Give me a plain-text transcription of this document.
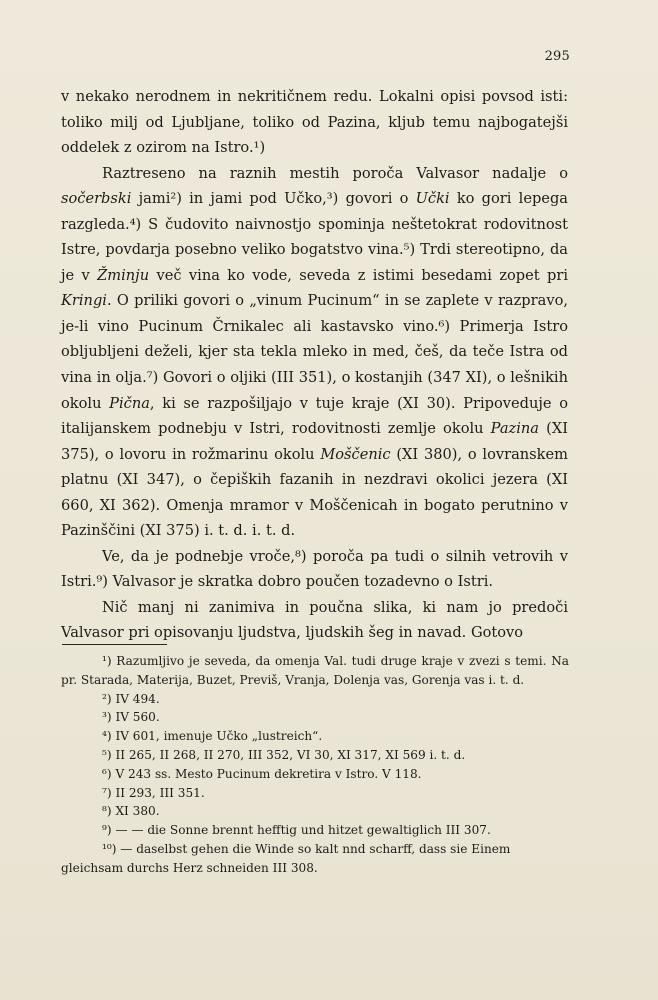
295

v nekako nerodnem in nekritičnem redu. Lokalni opisi povsod isti: toliko milj od Ljubljane, toliko od Pazina, kljub temu najbogatejši oddelek z ozirom na Istro.¹)

Raztreseno na raznih mestih poroča Valvasor nadalje o sočerbski jami²) in jami pod Učko,³) govori o Učki ko gori lepega razgleda.⁴) S čudovito naivnostjo spominja neštetokrat rodovitnost Istre, povdarja posebno veliko bogatstvo vina.⁵) Trdi stereotipno, da je v Žminju več vina ko vode, seveda z istimi besedami zopet pri Kringi. O priliki govori o „vinum Pucinum“ in se zaplete v razpravo, je-li vino Pucinum Črnikalec ali kastavsko vino.⁶) Primerja Istro obljubljeni deželi, kjer sta tekla mleko in med, češ, da teče Istra od vina in olja.⁷) Govori o oljiki (III 351), o kostanjih (347 XI), o lešnikih okolu Pična, ki se razpošiljajo v tuje kraje (XI 30). Pripoveduje o italijanskem podnebju v Istri, rodovitnosti zemlje okolu Pazina (XI 375), o lovoru in rožmarinu okolu Moščenic (XI 380), o lovranskem platnu (XI 347), o čepiških fazanih in nezdravi okolici jezera (XI 660, XI 362). Omenja mramor v Moščenicah in bogato perutnino v Pazinščini (XI 375) i. t. d. i. t. d.

Ve, da je podnebje vroče,⁸) poroča pa tudi o silnih vetrovih v Istri.⁹) Valvasor je skratka dobro poučen tozadevno o Istri.

Nič manj ni zanimiva in poučna slika, ki nam jo predoči Valvasor pri opisovanju ljudstva, ljudskih šeg in navad. Gotovo

¹) Razumljivo je seveda, da omenja Val. tudi druge kraje v zvezi s temi. Na pr. Starada, Materija, Buzet, Previš, Vranja, Dolenja vas, Gorenja vas i. t. d.

²) IV 494.

³) IV 560.

⁴) IV 601, imenuje Učko „lustreich“.

⁵) II 265, II 268, II 270, III 352, VI 30, XI 317, XI 569 i. t. d.

⁶) V 243 ss. Mesto Pucinum dekretira v Istro. V 118.

⁷) II 293, III 351.

⁸) XI 380.

⁹) — — die Sonne brennt hefftig und hitzet gewaltiglich III 307.

¹⁰) — daselbst gehen die Winde so kalt nnd scharff, dass sie Einem gleichsam durchs Herz schneiden III 308.
